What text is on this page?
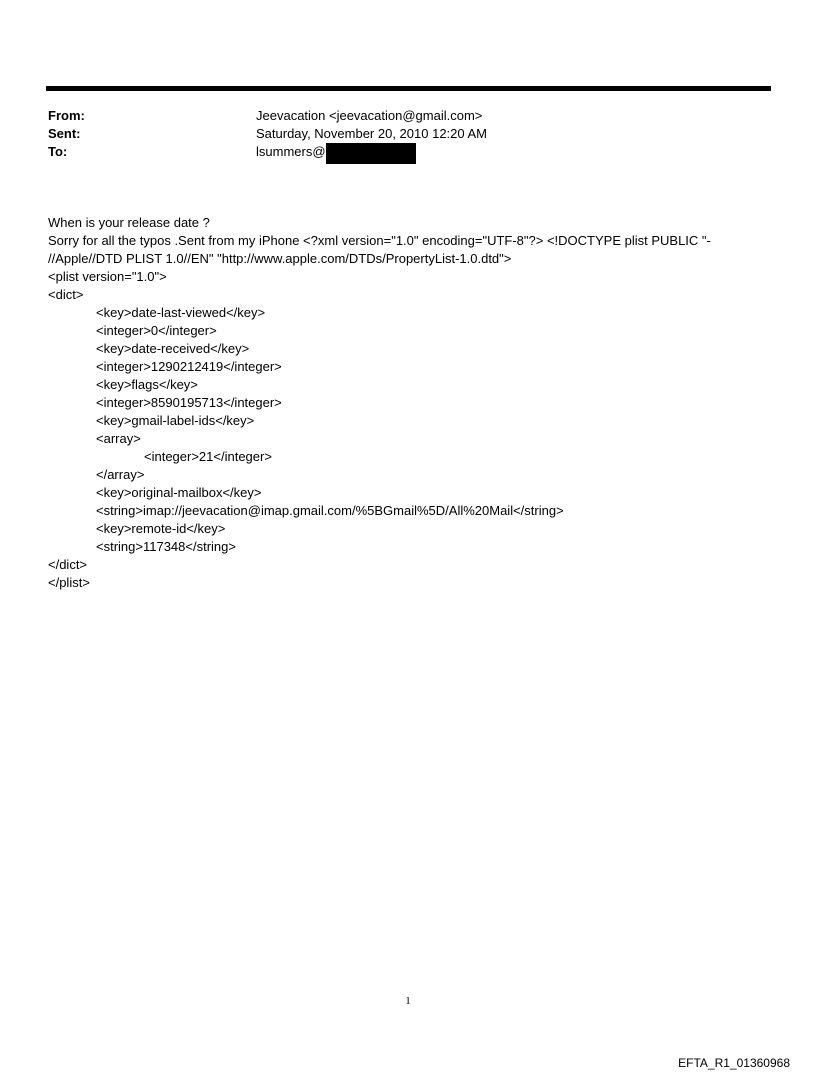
From:	Jeevacation <jeevacation@gmail.com>
Sent:	Saturday, November 20, 2010 12:20 AM
To:	lsummers@
When is your release date ?
Sorry for all the typos .Sent from my iPhone <?xml version="1.0" encoding="UTF-8"?> <!DOCTYPE plist PUBLIC "-
//Apple//DTD PLIST 1.0//EN" "http://www.apple.com/DTDs/PropertyList-1.0.dtd">
<plist version="1.0">
<dict>
<key>date-last-viewed</key>
<integer>0</integer>
<key>date-received</key>
<integer>1290212419</integer>
<key>flags</key>
<integer>8590195713</integer>
<key>gmail-label-ids</key>
<array>
<integer>21</integer>
</array>
<key>original-mailbox</key>
<string>imap://jeevacation@imap.gmail.com/%5BGmail%5D/All%20Mail</string>
<key>remote-id</key>
<string>117348</string>
</dict>
</plist>
1
EFTA_R1_01360968
